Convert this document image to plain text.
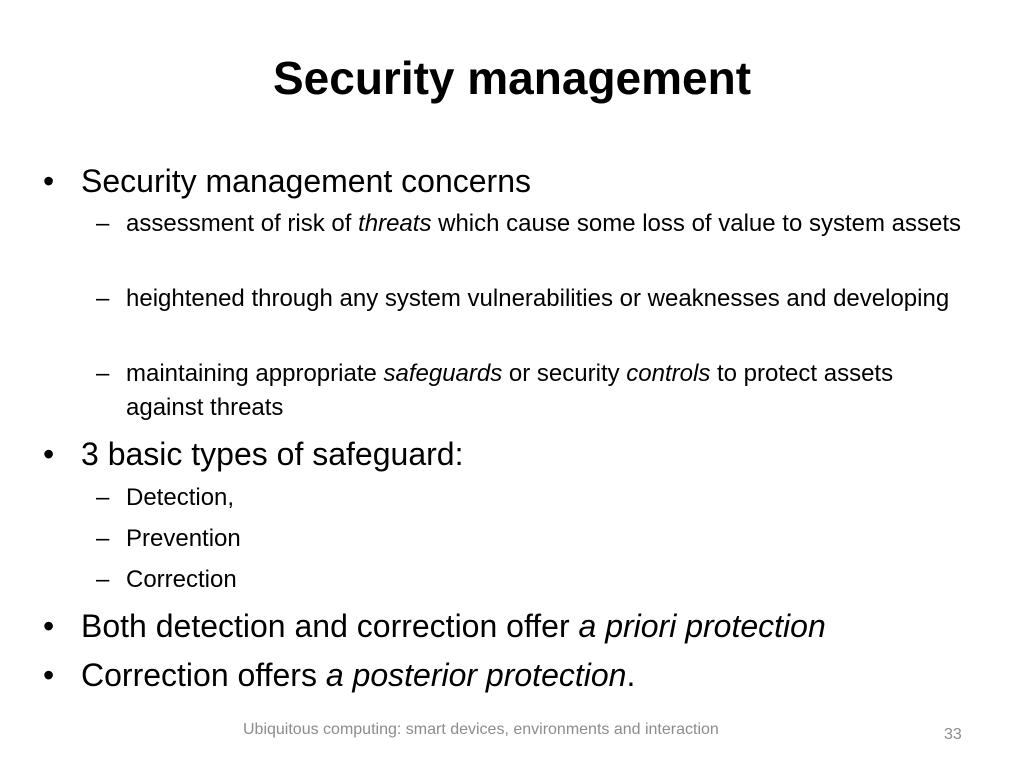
Security management
• Security management concerns
– assessment of risk of threats which cause some loss of value to system assets
– heightened through any system vulnerabilities or weaknesses and developing
– maintaining appropriate safeguards or security controls to protect assets against threats
• 3 basic types of safeguard:
– Detection,
– Prevention
– Correction
• Both detection and correction offer a priori protection
• Correction offers a posterior protection.
Ubiquitous computing: smart devices, environments and interaction	33
